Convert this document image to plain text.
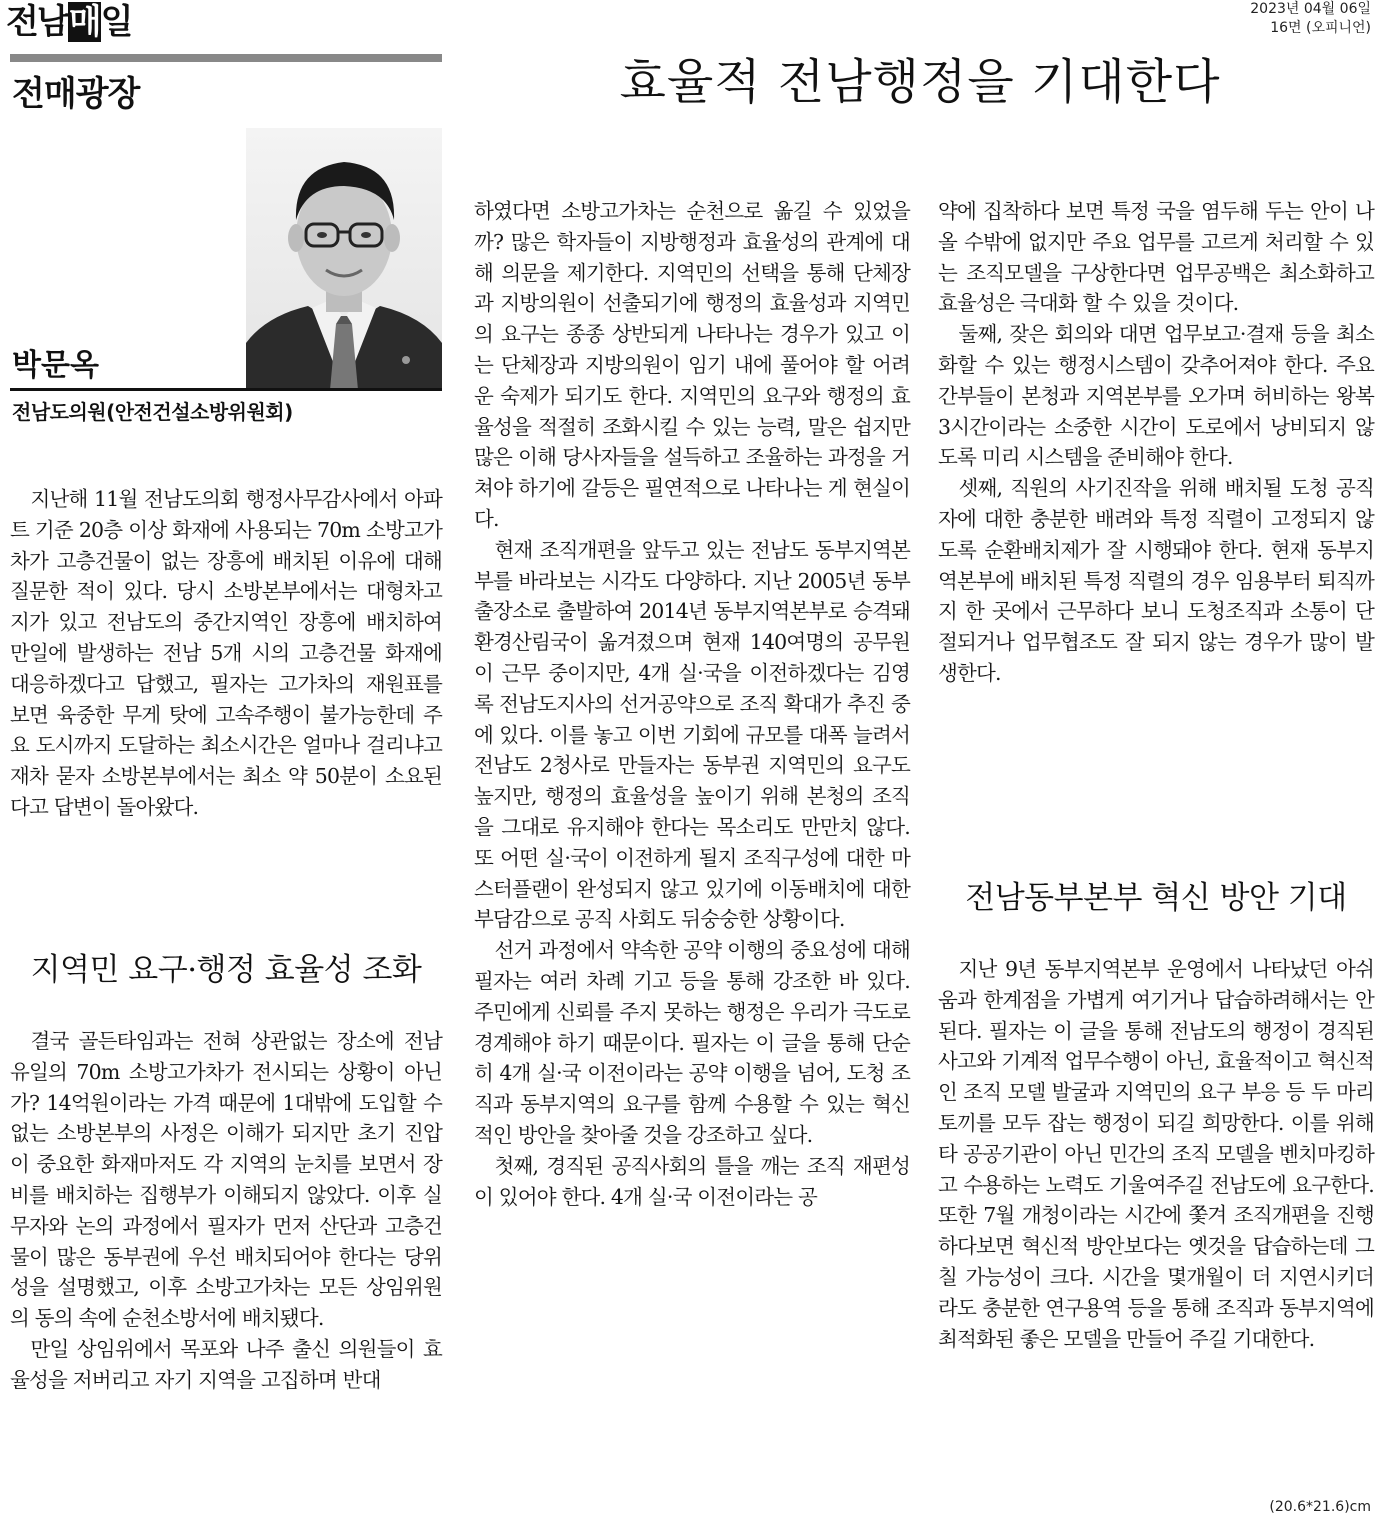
전남매일	2023년 04월 06일
16면 (오피니언)
전매광장	효율적 전남행정을 기대한다
박문옥
전남도의원(안전건설소방위원회)

지난해 11월 전남도의회 행정사무감사에서 아파트 기준 20층 이상 화재에 사용되는 70m 소방고가차가 고층건물이 없는 장흥에 배치된 이유에 대해 질문한 적이 있다. 당시 소방본부에서는 대형차고지가 있고 전남도의 중간지역인 장흥에 배치하여 만일에 발생하는 전남 5개 시의 고층건물 화재에 대응하겠다고 답했고, 필자는 고가차의 재원표를 보면 육중한 무게 탓에 고속주행이 불가능한데 주요 도시까지 도달하는 최소시간은 얼마나 걸리냐고 재차 묻자 소방본부에서는 최소 약 50분이 소요된다고 답변이 돌아왔다.

지역민 요구·행정 효율성 조화

결국 골든타임과는 전혀 상관없는 장소에 전남 유일의 70m 소방고가차가 전시되는 상황이 아닌가? 14억원이라는 가격 때문에 1대밖에 도입할 수 없는 소방본부의 사정은 이해가 되지만 초기 진압이 중요한 화재마저도 각 지역의 눈치를 보면서 장비를 배치하는 집행부가 이해되지 않았다. 이후 실무자와 논의 과정에서 필자가 먼저 산단과 고층건물이 많은 동부권에 우선 배치되어야 한다는 당위성을 설명했고, 이후 소방고가차는 모든 상임위원의 동의 속에 순천소방서에 배치됐다.

만일 상임위에서 목포와 나주 출신 의원들이 효율성을 저버리고 자기 지역을 고집하며 반대

하였다면 소방고가차는 순천으로 옮길 수 있었을까? 많은 학자들이 지방행정과 효율성의 관계에 대해 의문을 제기한다. 지역민의 선택을 통해 단체장과 지방의원이 선출되기에 행정의 효율성과 지역민의 요구는 종종 상반되게 나타나는 경우가 있고 이는 단체장과 지방의원이 임기 내에 풀어야 할 어려운 숙제가 되기도 한다. 지역민의 요구와 행정의 효율성을 적절히 조화시킬 수 있는 능력, 말은 쉽지만 많은 이해 당사자들을 설득하고 조율하는 과정을 거쳐야 하기에 갈등은 필연적으로 나타나는 게 현실이다.

현재 조직개편을 앞두고 있는 전남도 동부지역본부를 바라보는 시각도 다양하다. 지난 2005년 동부출장소로 출발하여 2014년 동부지역본부로 승격돼 환경산림국이 옮겨졌으며 현재 140여명의 공무원이 근무 중이지만, 4개 실·국을 이전하겠다는 김영록 전남도지사의 선거공약으로 조직 확대가 추진 중에 있다. 이를 놓고 이번 기회에 규모를 대폭 늘려서 전남도 2청사로 만들자는 동부권 지역민의 요구도 높지만, 행정의 효율성을 높이기 위해 본청의 조직을 그대로 유지해야 한다는 목소리도 만만치 않다. 또 어떤 실·국이 이전하게 될지 조직구성에 대한 마스터플랜이 완성되지 않고 있기에 이동배치에 대한 부담감으로 공직 사회도 뒤숭숭한 상황이다.

선거 과정에서 약속한 공약 이행의 중요성에 대해 필자는 여러 차례 기고 등을 통해 강조한 바 있다. 주민에게 신뢰를 주지 못하는 행정은 우리가 극도로 경계해야 하기 때문이다. 필자는 이 글을 통해 단순히 4개 실·국 이전이라는 공약 이행을 넘어, 도청 조직과 동부지역의 요구를 함께 수용할 수 있는 혁신적인 방안을 찾아줄 것을 강조하고 싶다.

첫째, 경직된 공직사회의 틀을 깨는 조직 재편성이 있어야 한다. 4개 실·국 이전이라는 공

약에 집착하다 보면 특정 국을 염두해 두는 안이 나올 수밖에 없지만 주요 업무를 고르게 처리할 수 있는 조직모델을 구상한다면 업무공백은 최소화하고 효율성은 극대화 할 수 있을 것이다.

둘째, 잦은 회의와 대면 업무보고·결재 등을 최소화할 수 있는 행정시스템이 갖추어져야 한다. 주요 간부들이 본청과 지역본부를 오가며 허비하는 왕복 3시간이라는 소중한 시간이 도로에서 낭비되지 않도록 미리 시스템을 준비해야 한다.

셋째, 직원의 사기진작을 위해 배치될 도청 공직자에 대한 충분한 배려와 특정 직렬이 고정되지 않도록 순환배치제가 잘 시행돼야 한다. 현재 동부지역본부에 배치된 특정 직렬의 경우 임용부터 퇴직까지 한 곳에서 근무하다 보니 도청조직과 소통이 단절되거나 업무협조도 잘 되지 않는 경우가 많이 발생한다.

전남동부본부 혁신 방안 기대

지난 9년 동부지역본부 운영에서 나타났던 아쉬움과 한계점을 가볍게 여기거나 답습하려해서는 안된다. 필자는 이 글을 통해 전남도의 행정이 경직된 사고와 기계적 업무수행이 아닌, 효율적이고 혁신적인 조직 모델 발굴과 지역민의 요구 부응 등 두 마리 토끼를 모두 잡는 행정이 되길 희망한다. 이를 위해 타 공공기관이 아닌 민간의 조직 모델을 벤치마킹하고 수용하는 노력도 기울여주길 전남도에 요구한다. 또한 7월 개청이라는 시간에 쫓겨 조직개편을 진행하다보면 혁신적 방안보다는 옛것을 답습하는데 그칠 가능성이 크다. 시간을 몇개월이 더 지연시키더라도 충분한 연구용역 등을 통해 조직과 동부지역에 최적화된 좋은 모델을 만들어 주길 기대한다.

(20.6*21.6)cm
